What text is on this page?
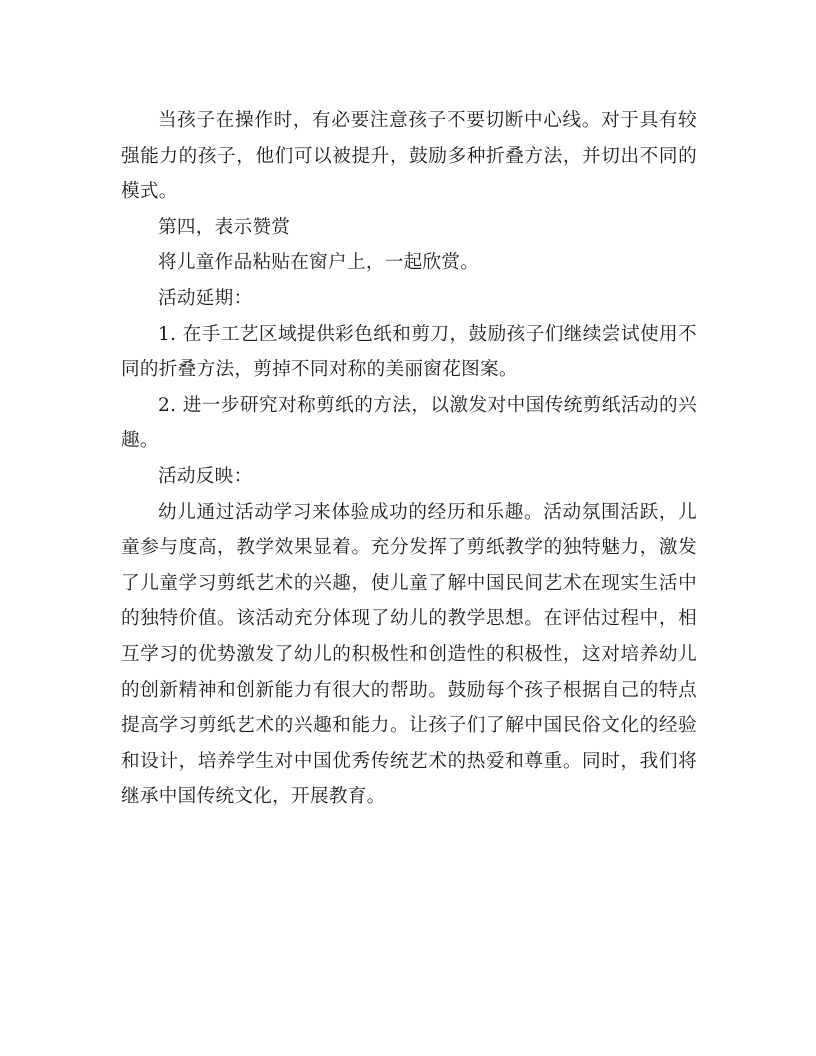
当孩子在操作时，有必要注意孩子不要切断中心线。对于具有较强能力的孩子，他们可以被提升，鼓励多种折叠方法，并切出不同的模式。

第四，表示赞赏

将儿童作品粘贴在窗户上，一起欣赏。

活动延期：

1. 在手工艺区域提供彩色纸和剪刀，鼓励孩子们继续尝试使用不同的折叠方法，剪掉不同对称的美丽窗花图案。

2. 进一步研究对称剪纸的方法，以激发对中国传统剪纸活动的兴趣。

活动反映：

幼儿通过活动学习来体验成功的经历和乐趣。活动氛围活跃，儿童参与度高，教学效果显着。充分发挥了剪纸教学的独特魅力，激发了儿童学习剪纸艺术的兴趣，使儿童了解中国民间艺术在现实生活中的独特价值。该活动充分体现了幼儿的教学思想。在评估过程中，相互学习的优势激发了幼儿的积极性和创造性的积极性，这对培养幼儿的创新精神和创新能力有很大的帮助。鼓励每个孩子根据自己的特点提高学习剪纸艺术的兴趣和能力。让孩子们了解中国民俗文化的经验和设计，培养学生对中国优秀传统艺术的热爱和尊重。同时，我们将继承中国传统文化，开展教育。
